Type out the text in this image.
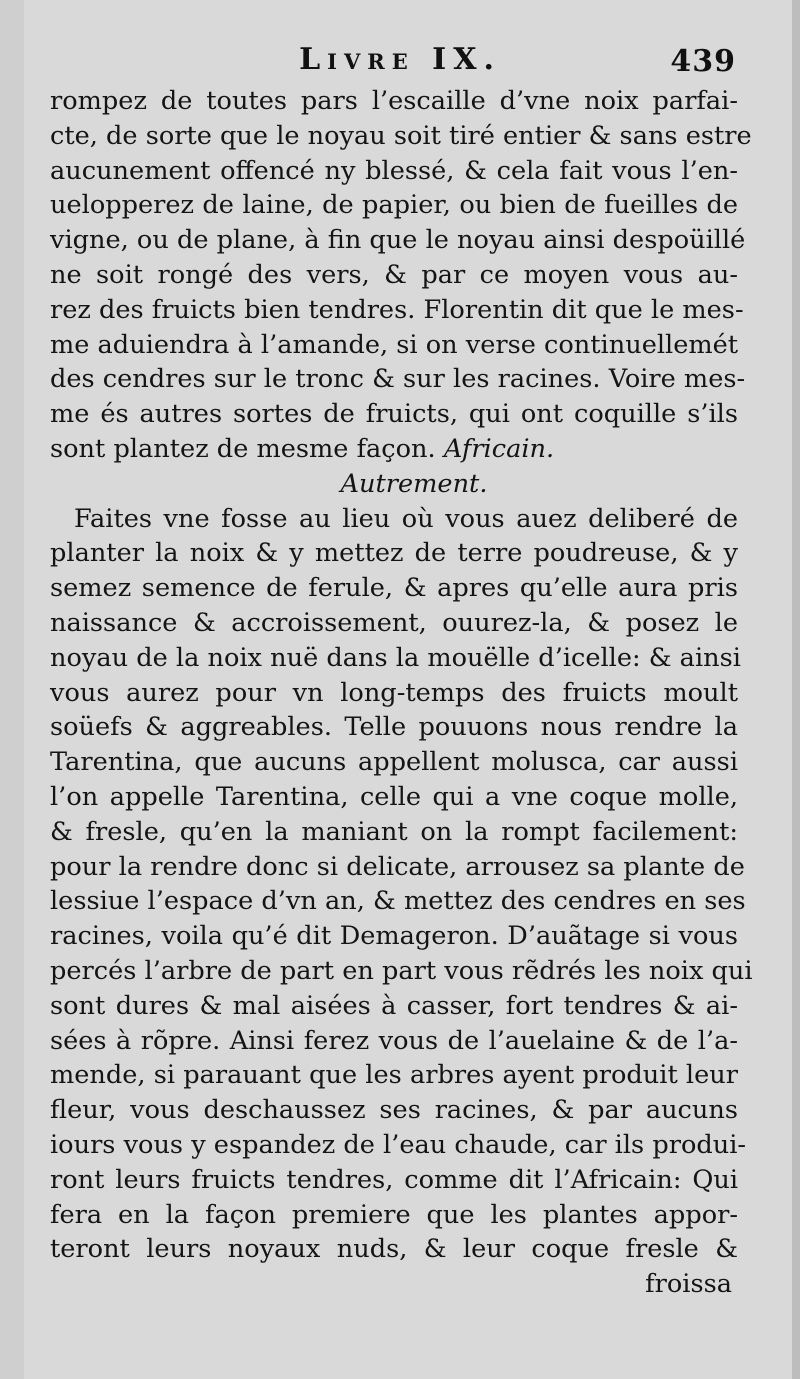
Livre IX.	439
rompez de toutes pars l’escaille d’vne noix parfai-
cte, de sorte que le noyau soit tiré entier & sans estre
aucunement offencé ny blessé, & cela fait vous l’en-
uelopperez de laine, de papier, ou bien de fueilles de
vigne, ou de plane, à fin que le noyau ainsi despoüillé
ne soit rongé des vers, & par ce moyen vous au-
rez des fruicts bien tendres. Florentin dit que le mes-
me aduiendra à l’amande, si on verse continuellemét
des cendres sur le tronc & sur les racines. Voire mes-
me és autres sortes de fruicts, qui ont coquille s’ils
sont plantez de mesme façon. Africain.
Autrement.
Faites vne fosse au lieu où vous auez deliberé de
planter la noix & y mettez de terre poudreuse, & y
semez semence de ferule, & apres qu’elle aura pris
naissance & accroissement, ouurez-la, & posez le
noyau de la noix nuë dans la mouëlle d’icelle: & ainsi
vous aurez pour vn long-temps des fruicts moult
soüefs & aggreables. Telle pouuons nous rendre la
Tarentina, que aucuns appellent molusca, car aussi
l’on appelle Tarentina, celle qui a vne coque molle,
& fresle, qu’en la maniant on la rompt facilement:
pour la rendre donc si delicate, arrousez sa plante de
lessiue l’espace d’vn an, & mettez des cendres en ses
racines, voila qu’é dit Demageron. D’auãtage si vous
percés l’arbre de part en part vous rẽdrés les noix qui
sont dures & mal aisées à casser, fort tendres & ai-
sées à rõpre. Ainsi ferez vous de l’auelaine & de l’a-
mende, si parauant que les arbres ayent produit leur
fleur, vous deschaussez ses racines, & par aucuns
iours vous y espandez de l’eau chaude, car ils produi-
ront leurs fruicts tendres, comme dit l’Africain: Qui
fera en la façon premiere que les plantes appor-
teront leurs noyaux nuds, & leur coque fresle &
froissa
